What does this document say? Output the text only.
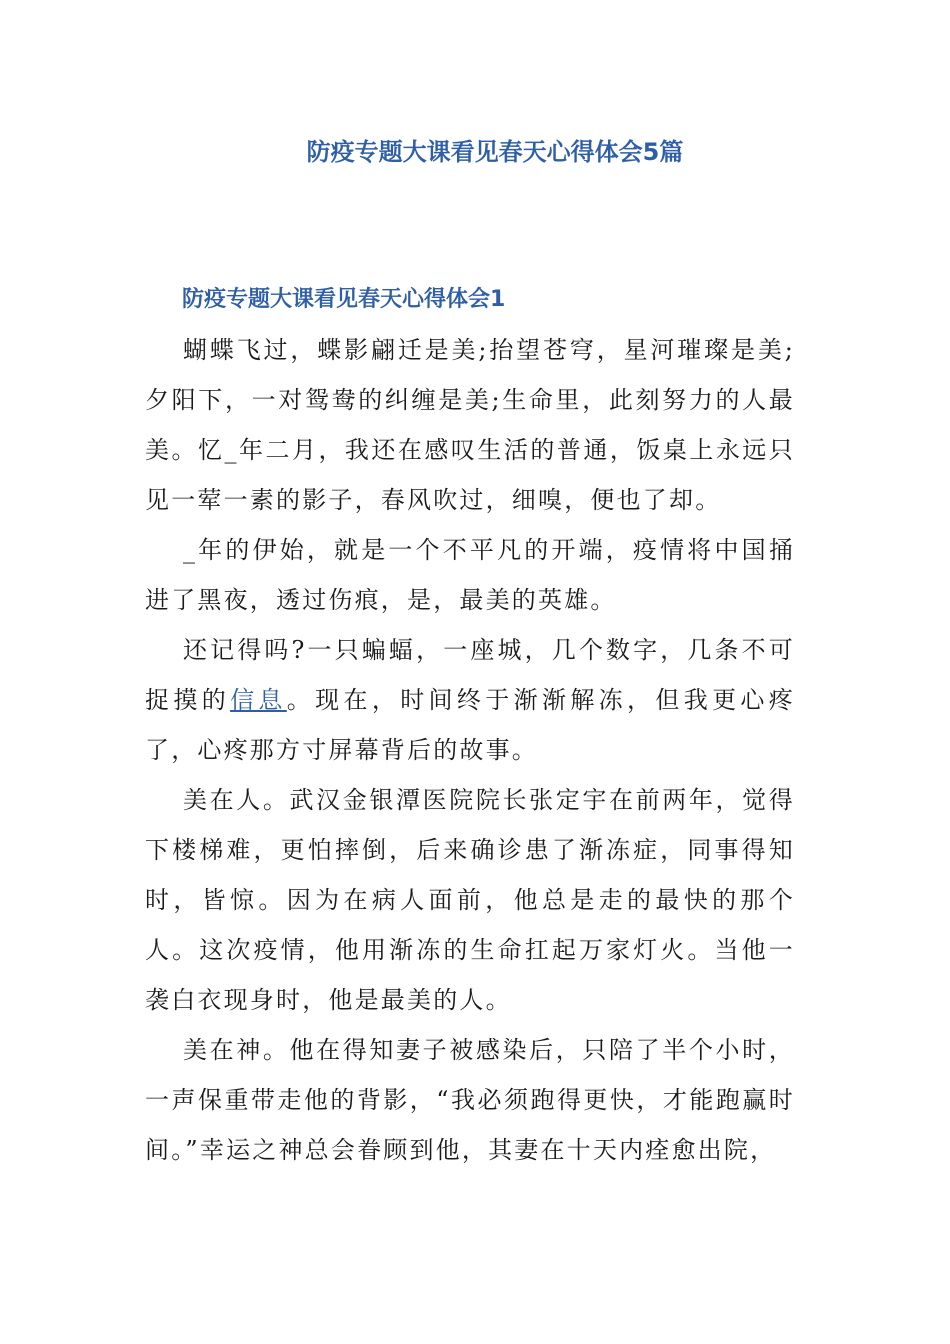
防疫专题大课看见春天心得体会5篇
防疫专题大课看见春天心得体会1

蝴蝶飞过，蝶影翩迁是美;抬望苍穹，星河璀璨是美;夕阳下，一对鸳鸯的纠缠是美;生命里，此刻努力的人最美。忆_年二月，我还在感叹生活的普通，饭桌上永远只见一荤一素的影子，春风吹过，细嗅，便也了却。

_年的伊始，就是一个不平凡的开端，疫情将中国捅进了黑夜，透过伤痕，是，最美的英雄。

还记得吗?一只蝙蝠，一座城，几个数字，几条不可捉摸的信息。现在，时间终于渐渐解冻，但我更心疼了，心疼那方寸屏幕背后的故事。

美在人。武汉金银潭医院院长张定宇在前两年，觉得下楼梯难，更怕摔倒，后来确诊患了渐冻症，同事得知时，皆惊。因为在病人面前，他总是走的最快的那个人。这次疫情，他用渐冻的生命扛起万家灯火。当他一袭白衣现身时，他是最美的人。

美在神。他在得知妻子被感染后，只陪了半个小时，一声保重带走他的背影，“我必须跑得更快，才能跑赢时间。”幸运之神总会眷顾到他，其妻在十天内痊愈出院，
